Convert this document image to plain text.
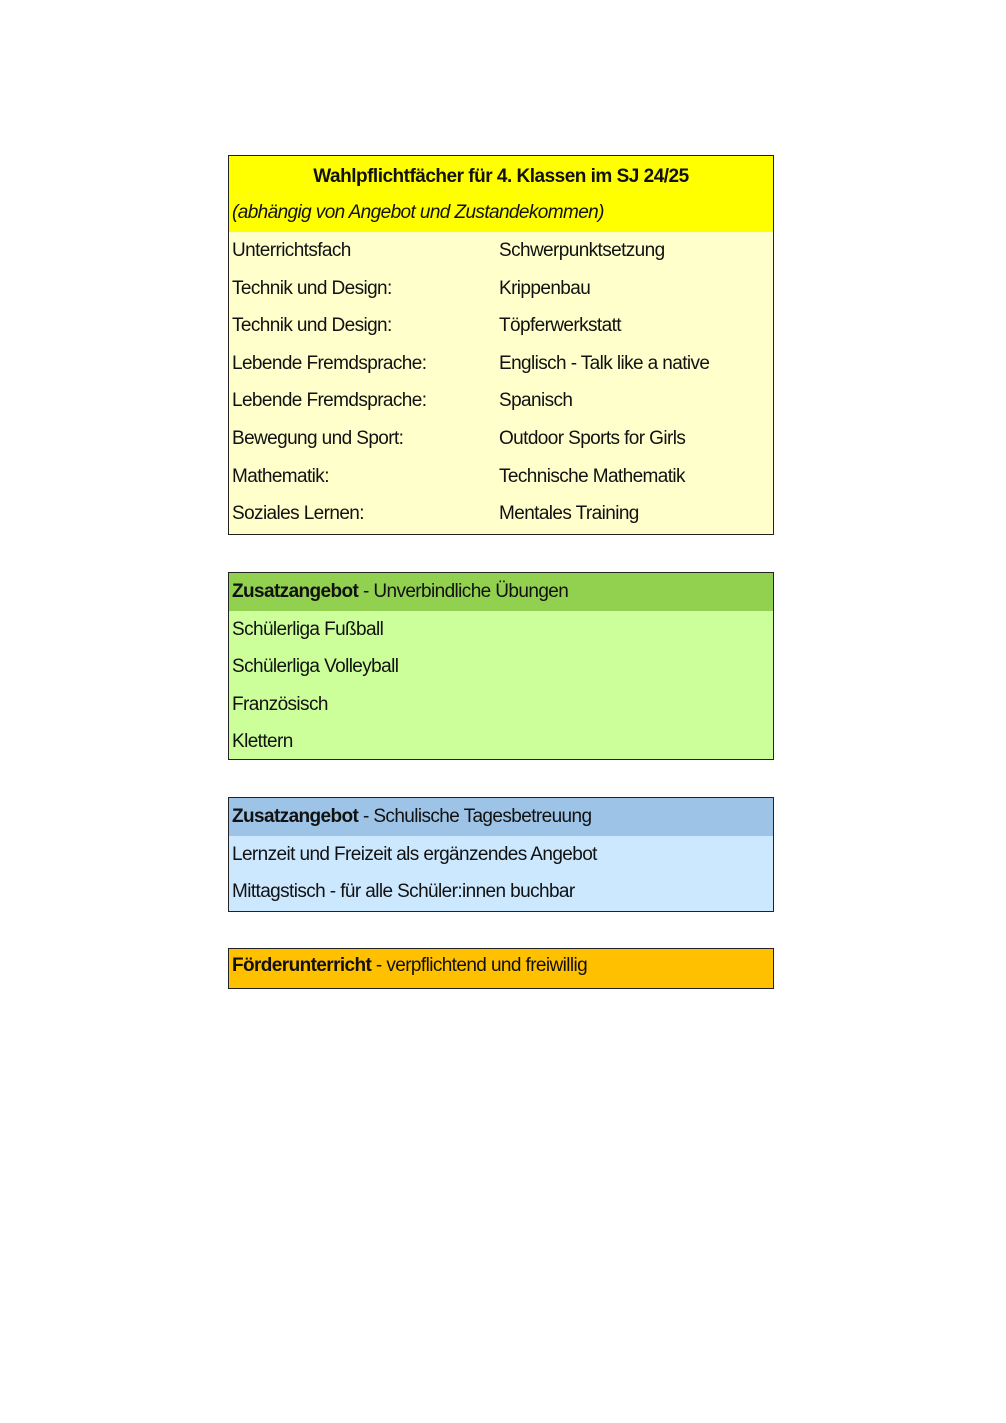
Wahlpflichtfächer für 4. Klassen im SJ 24/25
(abhängig von Angebot und Zustandekommen)
Unterrichtsfach	Schwerpunktsetzung
Technik und Design:	Krippenbau
Technik und Design:	Töpferwerkstatt
Lebende Fremdsprache:	Englisch - Talk like a native
Lebende Fremdsprache:	Spanisch
Bewegung und Sport:	Outdoor Sports for Girls
Mathematik:	Technische Mathematik
Soziales Lernen:	Mentales Training
Zusatzangebot - Unverbindliche Übungen
Schülerliga Fußball
Schülerliga Volleyball
Französisch
Klettern
Zusatzangebot - Schulische Tagesbetreuung
Lernzeit und Freizeit als ergänzendes Angebot
Mittagstisch - für alle Schüler:innen buchbar
Förderunterricht - verpflichtend und freiwillig
